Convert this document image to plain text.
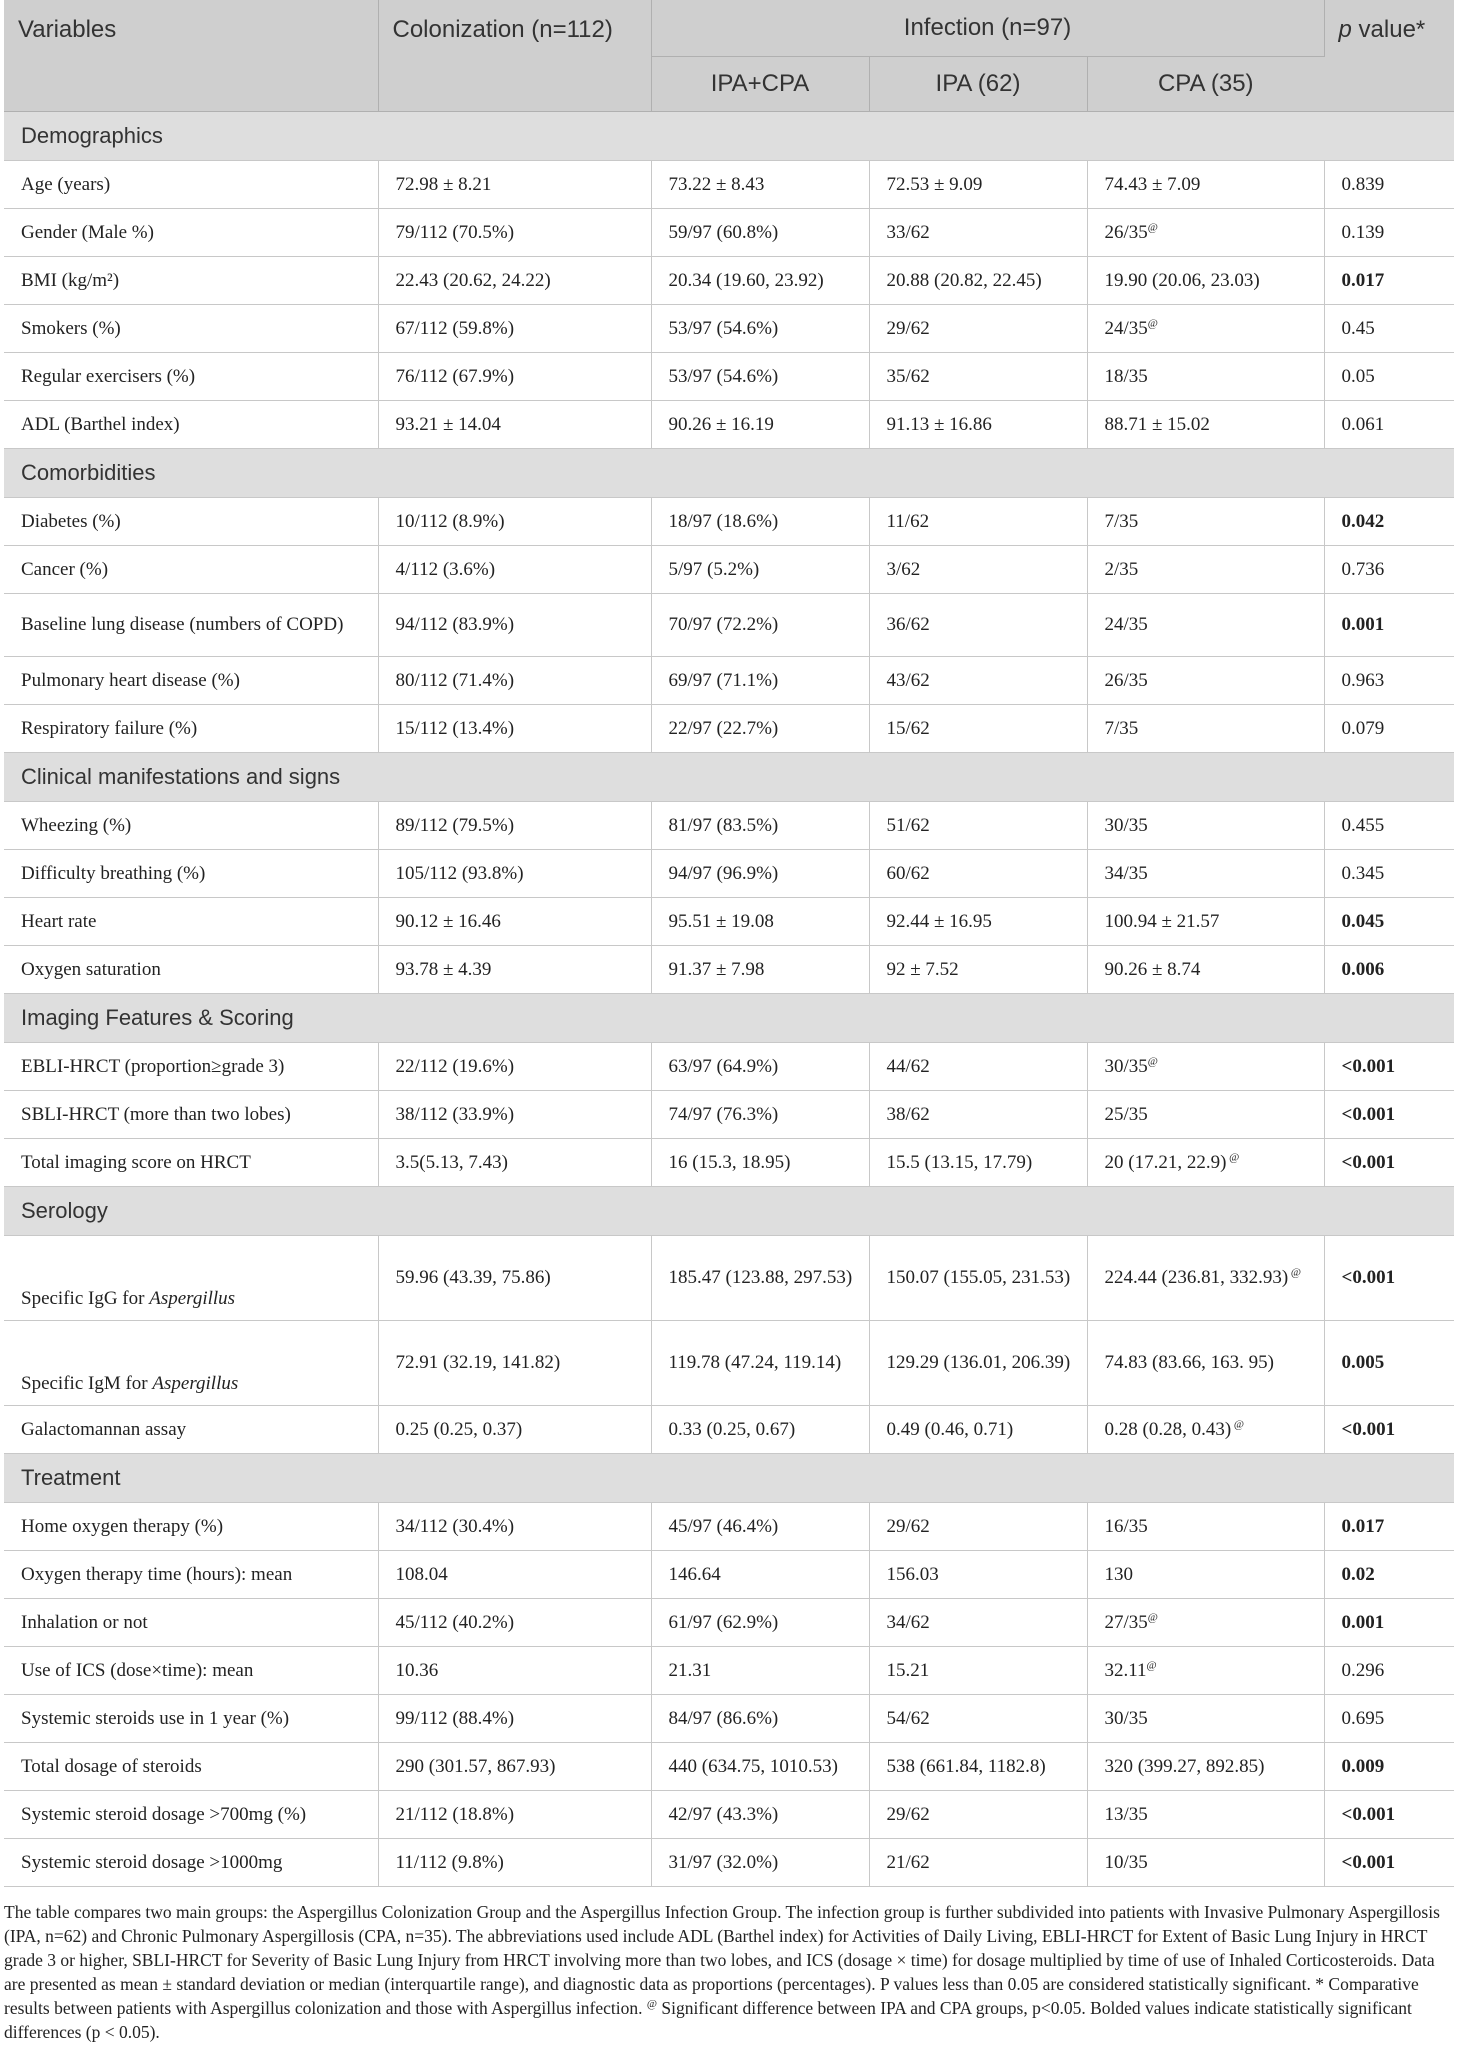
Variables	Colonization (n=112)	Infection (n=97)			p value*
		IPA+CPA	IPA (62)	CPA (35)	
Demographics					
Age (years)	72.98 ± 8.21	73.22 ± 8.43	72.53 ± 9.09	74.43 ± 7.09	0.839
Gender (Male %)	79/112 (70.5%)	59/97 (60.8%)	33/62	26/35@	0.139
BMI (kg/m²)	22.43 (20.62, 24.22)	20.34 (19.60, 23.92)	20.88 (20.82, 22.45)	19.90 (20.06, 23.03)	0.017
Smokers (%)	67/112 (59.8%)	53/97 (54.6%)	29/62	24/35@	0.45
Regular exercisers (%)	76/112 (67.9%)	53/97 (54.6%)	35/62	18/35	0.05
ADL (Barthel index)	93.21 ± 14.04	90.26 ± 16.19	91.13 ± 16.86	88.71 ± 15.02	0.061
Comorbidities					
Diabetes (%)	10/112 (8.9%)	18/97 (18.6%)	11/62	7/35	0.042
Cancer (%)	4/112 (3.6%)	5/97 (5.2%)	3/62	2/35	0.736
Baseline lung disease (numbers of COPD)	94/112 (83.9%)	70/97 (72.2%)	36/62	24/35	0.001
Pulmonary heart disease (%)	80/112 (71.4%)	69/97 (71.1%)	43/62	26/35	0.963
Respiratory failure (%)	15/112 (13.4%)	22/97 (22.7%)	15/62	7/35	0.079
Clinical manifestations and signs					
Wheezing (%)	89/112 (79.5%)	81/97 (83.5%)	51/62	30/35	0.455
Difficulty breathing (%)	105/112 (93.8%)	94/97 (96.9%)	60/62	34/35	0.345
Heart rate	90.12 ± 16.46	95.51 ± 19.08	92.44 ± 16.95	100.94 ± 21.57	0.045
Oxygen saturation	93.78 ± 4.39	91.37 ± 7.98	92 ± 7.52	90.26 ± 8.74	0.006
Imaging Features & Scoring					
EBLI-HRCT (proportion≥grade 3)	22/112 (19.6%)	63/97 (64.9%)	44/62	30/35@	<0.001
SBLI-HRCT (more than two lobes)	38/112 (33.9%)	74/97 (76.3%)	38/62	25/35	<0.001
Total imaging score on HRCT	3.5(5.13, 7.43)	16 (15.3, 18.95)	15.5 (13.15, 17.79)	20 (17.21, 22.9) @	<0.001
Serology					
Specific IgG for Aspergillus	59.96 (43.39, 75.86)	185.47 (123.88, 297.53)	150.07 (155.05, 231.53)	224.44 (236.81, 332.93) @	<0.001
Specific IgM for Aspergillus	72.91 (32.19, 141.82)	119.78 (47.24, 119.14)	129.29 (136.01, 206.39)	74.83 (83.66, 163. 95)	0.005
Galactomannan assay	0.25 (0.25, 0.37)	0.33 (0.25, 0.67)	0.49 (0.46, 0.71)	0.28 (0.28, 0.43) @	<0.001
Treatment					
Home oxygen therapy (%)	34/112 (30.4%)	45/97 (46.4%)	29/62	16/35	0.017
Oxygen therapy time (hours): mean	108.04	146.64	156.03	130	0.02
Inhalation or not	45/112 (40.2%)	61/97 (62.9%)	34/62	27/35@	0.001
Use of ICS (dose×time): mean	10.36	21.31	15.21	32.11@	0.296
Systemic steroids use in 1 year (%)	99/112 (88.4%)	84/97 (86.6%)	54/62	30/35	0.695
Total dosage of steroids	290 (301.57, 867.93)	440 (634.75, 1010.53)	538 (661.84, 1182.8)	320 (399.27, 892.85)	0.009
Systemic steroid dosage >700mg (%)	21/112 (18.8%)	42/97 (43.3%)	29/62	13/35	<0.001
Systemic steroid dosage >1000mg	11/112 (9.8%)	31/97 (32.0%)	21/62	10/35	<0.001

The table compares two main groups: the Aspergillus Colonization Group and the Aspergillus Infection Group. The infection group is further subdivided into patients with Invasive Pulmonary Aspergillosis (IPA, n=62) and Chronic Pulmonary Aspergillosis (CPA, n=35). The abbreviations used include ADL (Barthel index) for Activities of Daily Living, EBLI-HRCT for Extent of Basic Lung Injury in HRCT grade 3 or higher, SBLI-HRCT for Severity of Basic Lung Injury from HRCT involving more than two lobes, and ICS (dosage × time) for dosage multiplied by time of use of Inhaled Corticosteroids. Data are presented as mean ± standard deviation or median (interquartile range), and diagnostic data as proportions (percentages). P values less than 0.05 are considered statistically significant. * Comparative results between patients with Aspergillus colonization and those with Aspergillus infection. @ Significant difference between IPA and CPA groups, p<0.05. Bolded values indicate statistically significant differences (p < 0.05).
